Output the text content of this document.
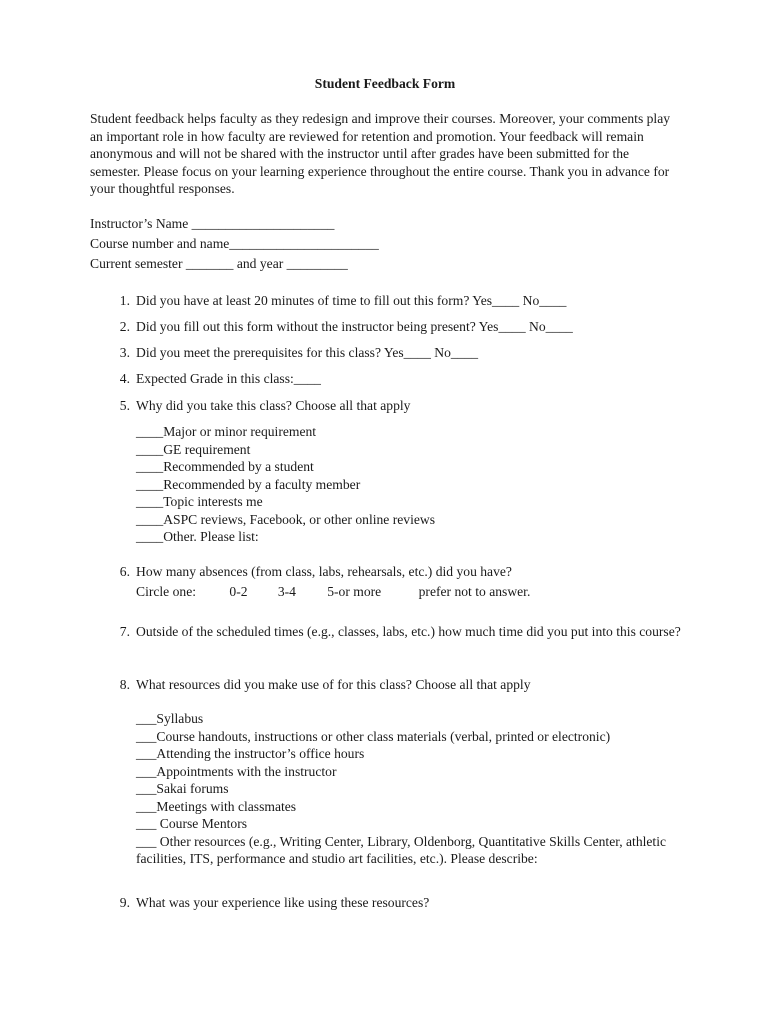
Student Feedback Form
Student feedback helps faculty as they redesign and improve their courses. Moreover, your comments play an important role in how faculty are reviewed for retention and promotion. Your feedback will remain anonymous and will not be shared with the instructor until after grades have been submitted for the semester. Please focus on your learning experience throughout the entire course. Thank you in advance for your thoughtful responses.
Instructor’s Name _____________________
Course number and name______________________
Current semester _______ and year _________
1. Did you have at least 20 minutes of time to fill out this form? Yes____ No____
2. Did you fill out this form without the instructor being present? Yes____ No____
3. Did you meet the prerequisites for this class? Yes____ No____
4. Expected Grade in this class:____
5. Why did you take this class? Choose all that apply
____Major or minor requirement
____GE requirement
____Recommended by a student
____Recommended by a faculty member
____Topic interests me
____ASPC reviews, Facebook, or other online reviews
____Other. Please list:
6. How many absences (from class, labs, rehearsals, etc.) did you have?
Circle one: 0-2 3-4 5-or more	prefer not to answer.
7. Outside of the scheduled times (e.g., classes, labs, etc.) how much time did you put into this course?
8. What resources did you make use of for this class? Choose all that apply
___Syllabus
___Course handouts, instructions or other class materials (verbal, printed or electronic)
___Attending the instructor’s office hours
___Appointments with the instructor
___Sakai forums
___Meetings with classmates
___ Course Mentors
___ Other resources (e.g., Writing Center, Library, Oldenborg, Quantitative Skills Center, athletic facilities, ITS, performance and studio art facilities, etc.). Please describe:
9. What was your experience like using these resources?
